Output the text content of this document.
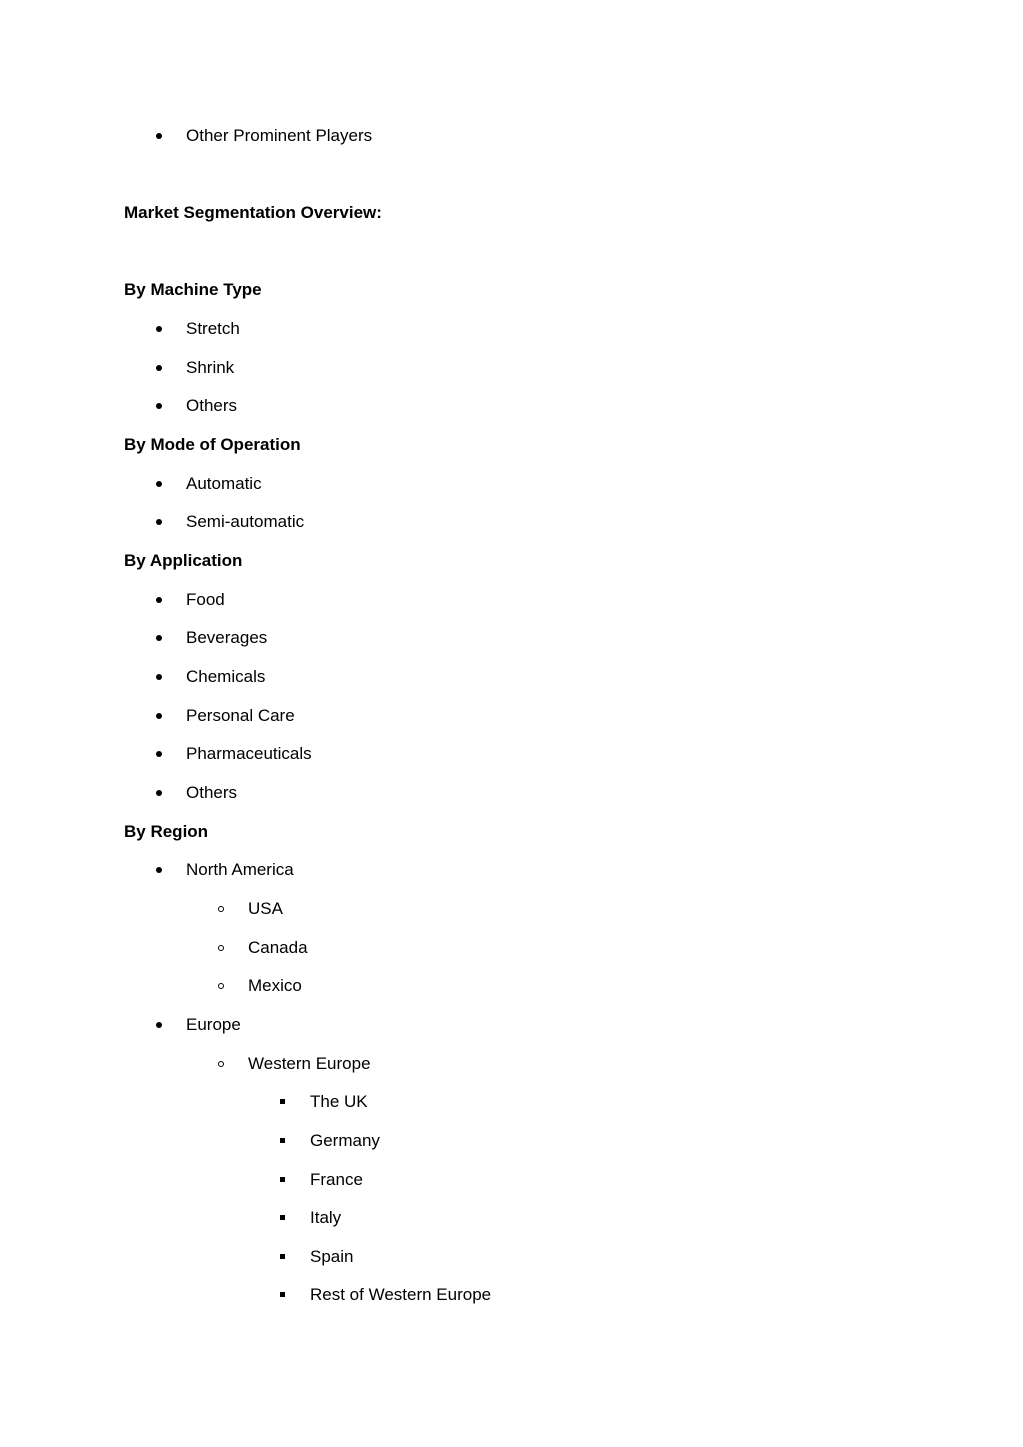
Other Prominent Players
Market Segmentation Overview:
By Machine Type
Stretch
Shrink
Others
By Mode of Operation
Automatic
Semi-automatic
By Application
Food
Beverages
Chemicals
Personal Care
Pharmaceuticals
Others
By Region
North America
USA
Canada
Mexico
Europe
Western Europe
The UK
Germany
France
Italy
Spain
Rest of Western Europe
